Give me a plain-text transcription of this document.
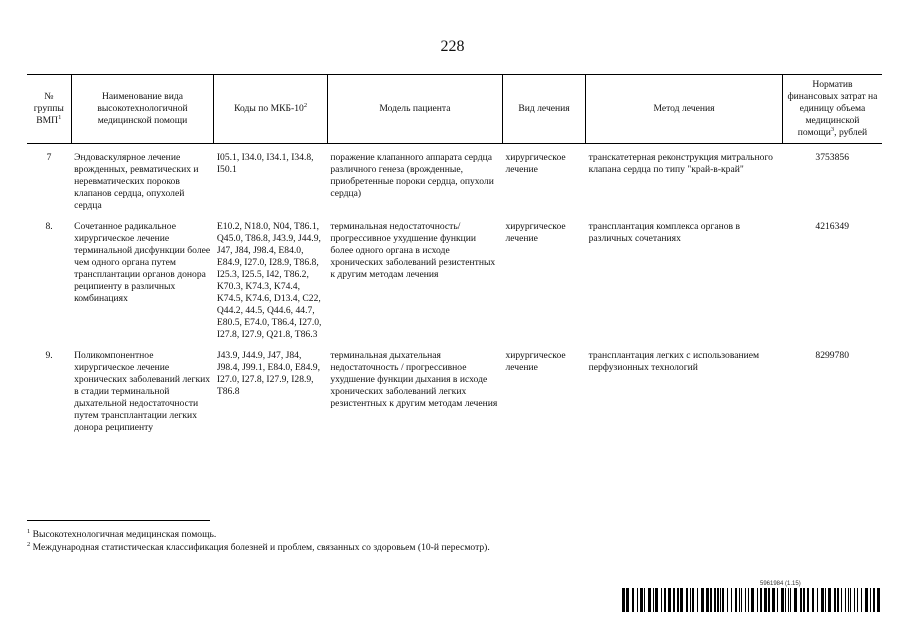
228
№
группы
ВМП$^1$	Наименование вида высокотехнологичной медицинской помощи	Коды по МКБ-$10^2$	Модель пациента	Вид лечения	Метод лечения	Норматив финансовых затрат на единицу объема медицинской помощи$^3$, рублей
7	Эндоваскулярное лечение врожденных, ревматических и неревматических пороков клапанов сердца, опухолей сердца	I05.1, I34.0, I34.1, I34.8, I50.1	поражение клапанного аппарата сердца различного генеза (врожденные, приобретенные пороки сердца, опухоли сердца)	хирургическое лечение	транскатетерная реконструкция митрального клапана сердца по типу "край-в-край"	3753856
8.	Сочетанное радикальное хирургическое лечение терминальной дисфункции более чем одного органа путем трансплантации органов донора реципиенту в различных комбинациях	E10.2, N18.0, N04, T86.1, Q45.0, T86.8, J43.9, J44.9, J47, J84, J98.4, E84.0, E84.9, I27.0, I28.9, T86.8, I25.3, I25.5, I42, T86.2, K70.3, K74.3, K74.4, K74.5, K74.6, D13.4, C22, Q44.2, 44.5, Q44.6, 44.7, E80.5, E74.0, T86.4, I27.0, I27.8, I27.9, Q21.8, T86.3	терминальная недостаточность/ прогрессивное ухудшение функции более одного органа в исходе хронических заболеваний резистентных к другим методам лечения	хирургическое лечение	трансплантация комплекса органов в различных сочетаниях	4216349
9.	Поликомпонентное хирургическое лечение хронических заболеваний легких в стадии терминальной дыхательной недостаточности путем трансплантации легких донора реципиенту	J43.9, J44.9, J47, J84, J98.4, J99.1, E84.0, E84.9, I27.0, I27.8, I27.9, I28.9, T86.8	терминальная дыхательная недостаточность / прогрессивное ухудшение функции дыхания в исходе хронических заболеваний легких резистентных к другим методам лечения	хирургическое лечение	трансплантация легких с использованием перфузионных технологий	8299780
$^1$ Высокотехнологичная медицинская помощь.
$^2$ Международная статистическая классификация болезней и проблем, связанных со здоровьем (10-й пересмотр).
5961984 (1.15)
